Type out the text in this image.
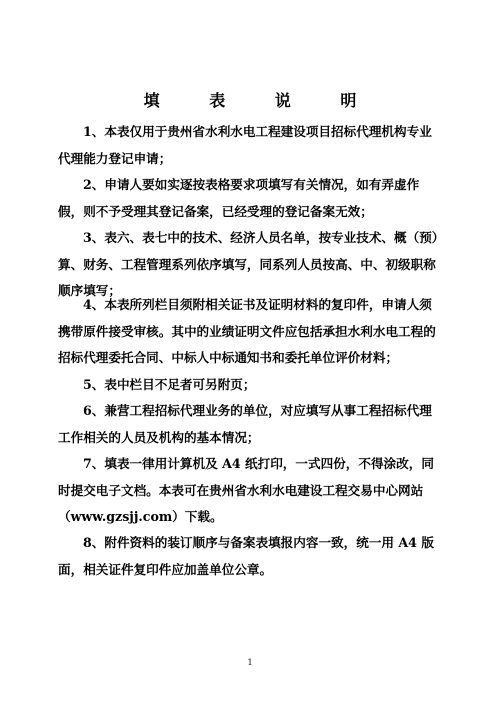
填 表 说 明

1、本表仅用于贵州省水利水电工程建设项目招标代理机构专业代理能力登记申请；

2、申请人要如实逐按表格要求项填写有关情况，如有弄虚作假，则不予受理其登记备案，已经受理的登记备案无效；

3、表六、表七中的技术、经济人员名单，按专业技术、概（预）算、财务、工程管理系列依序填写，同系列人员按高、中、初级职称顺序填写；

4、本表所列栏目须附相关证书及证明材料的复印件，申请人须携带原件接受审核。其中的业绩证明文件应包括承担水利水电工程的招标代理委托合同、中标人中标通知书和委托单位评价材料；

5、表中栏目不足者可另附页；

6、兼营工程招标代理业务的单位，对应填写从事工程招标代理工作相关的人员及机构的基本情况；

7、填表一律用计算机及 A4 纸打印，一式四份，不得涂改，同时提交电子文档。本表可在贵州省水利水电建设工程交易中心网站（www.gzsjj.com）下载。

8、附件资料的装订顺序与备案表填报内容一致，统一用 A4 版面，相关证件复印件应加盖单位公章。

1
